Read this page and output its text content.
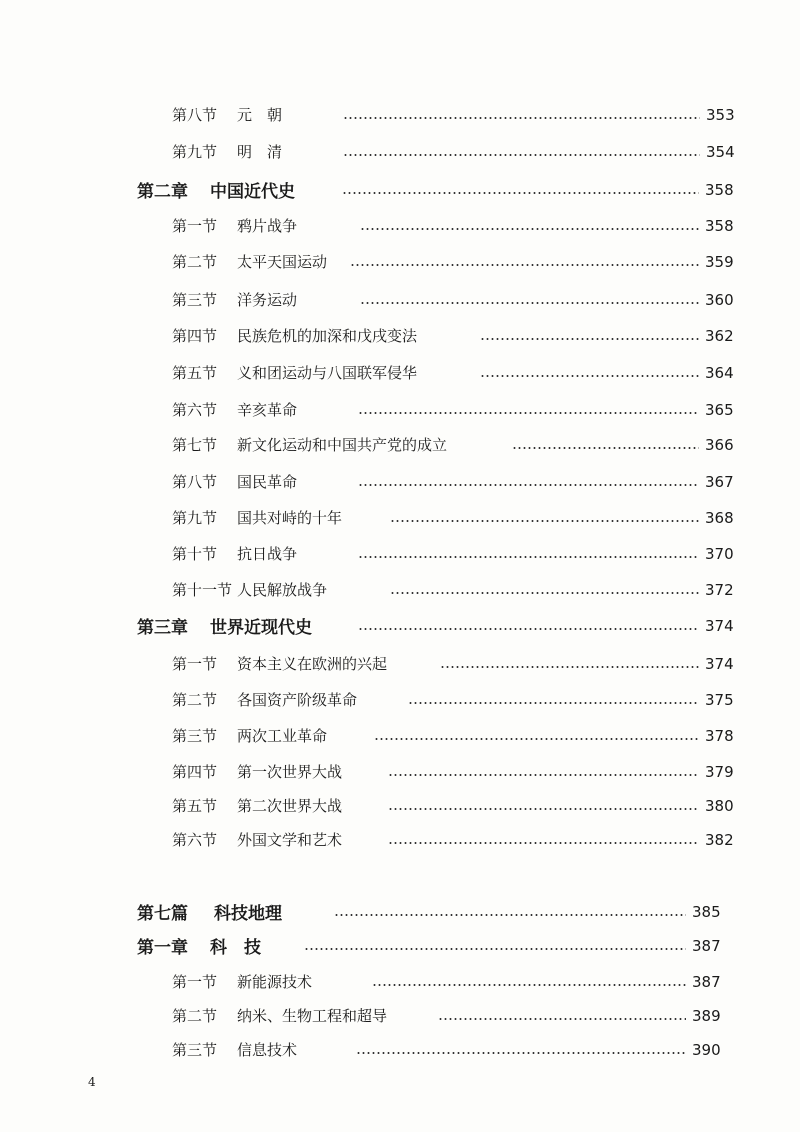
第八节 元　朝	353
第九节 明　清	354
第二章 中国近代史	358
第一节 鸦片战争	358
第二节 太平天国运动	359
第三节 洋务运动	360
第四节 民族危机的加深和戊戌变法	362
第五节 义和团运动与八国联军侵华	364
第六节 辛亥革命	365
第七节 新文化运动和中国共产党的成立	366
第八节 国民革命	367
第九节 国共对峙的十年	368
第十节 抗日战争	370
第十一节 人民解放战争	372
第三章 世界近现代史	374
第一节 资本主义在欧洲的兴起	374
第二节 各国资产阶级革命	375
第三节 两次工业革命	378
第四节 第一次世界大战	379
第五节 第二次世界大战	380
第六节 外国文学和艺术	382
第七篇 科技地理	385
第一章 科　技	387
第一节 新能源技术	387
第二节 纳米、生物工程和超导	389
第三节 信息技术	390
4
